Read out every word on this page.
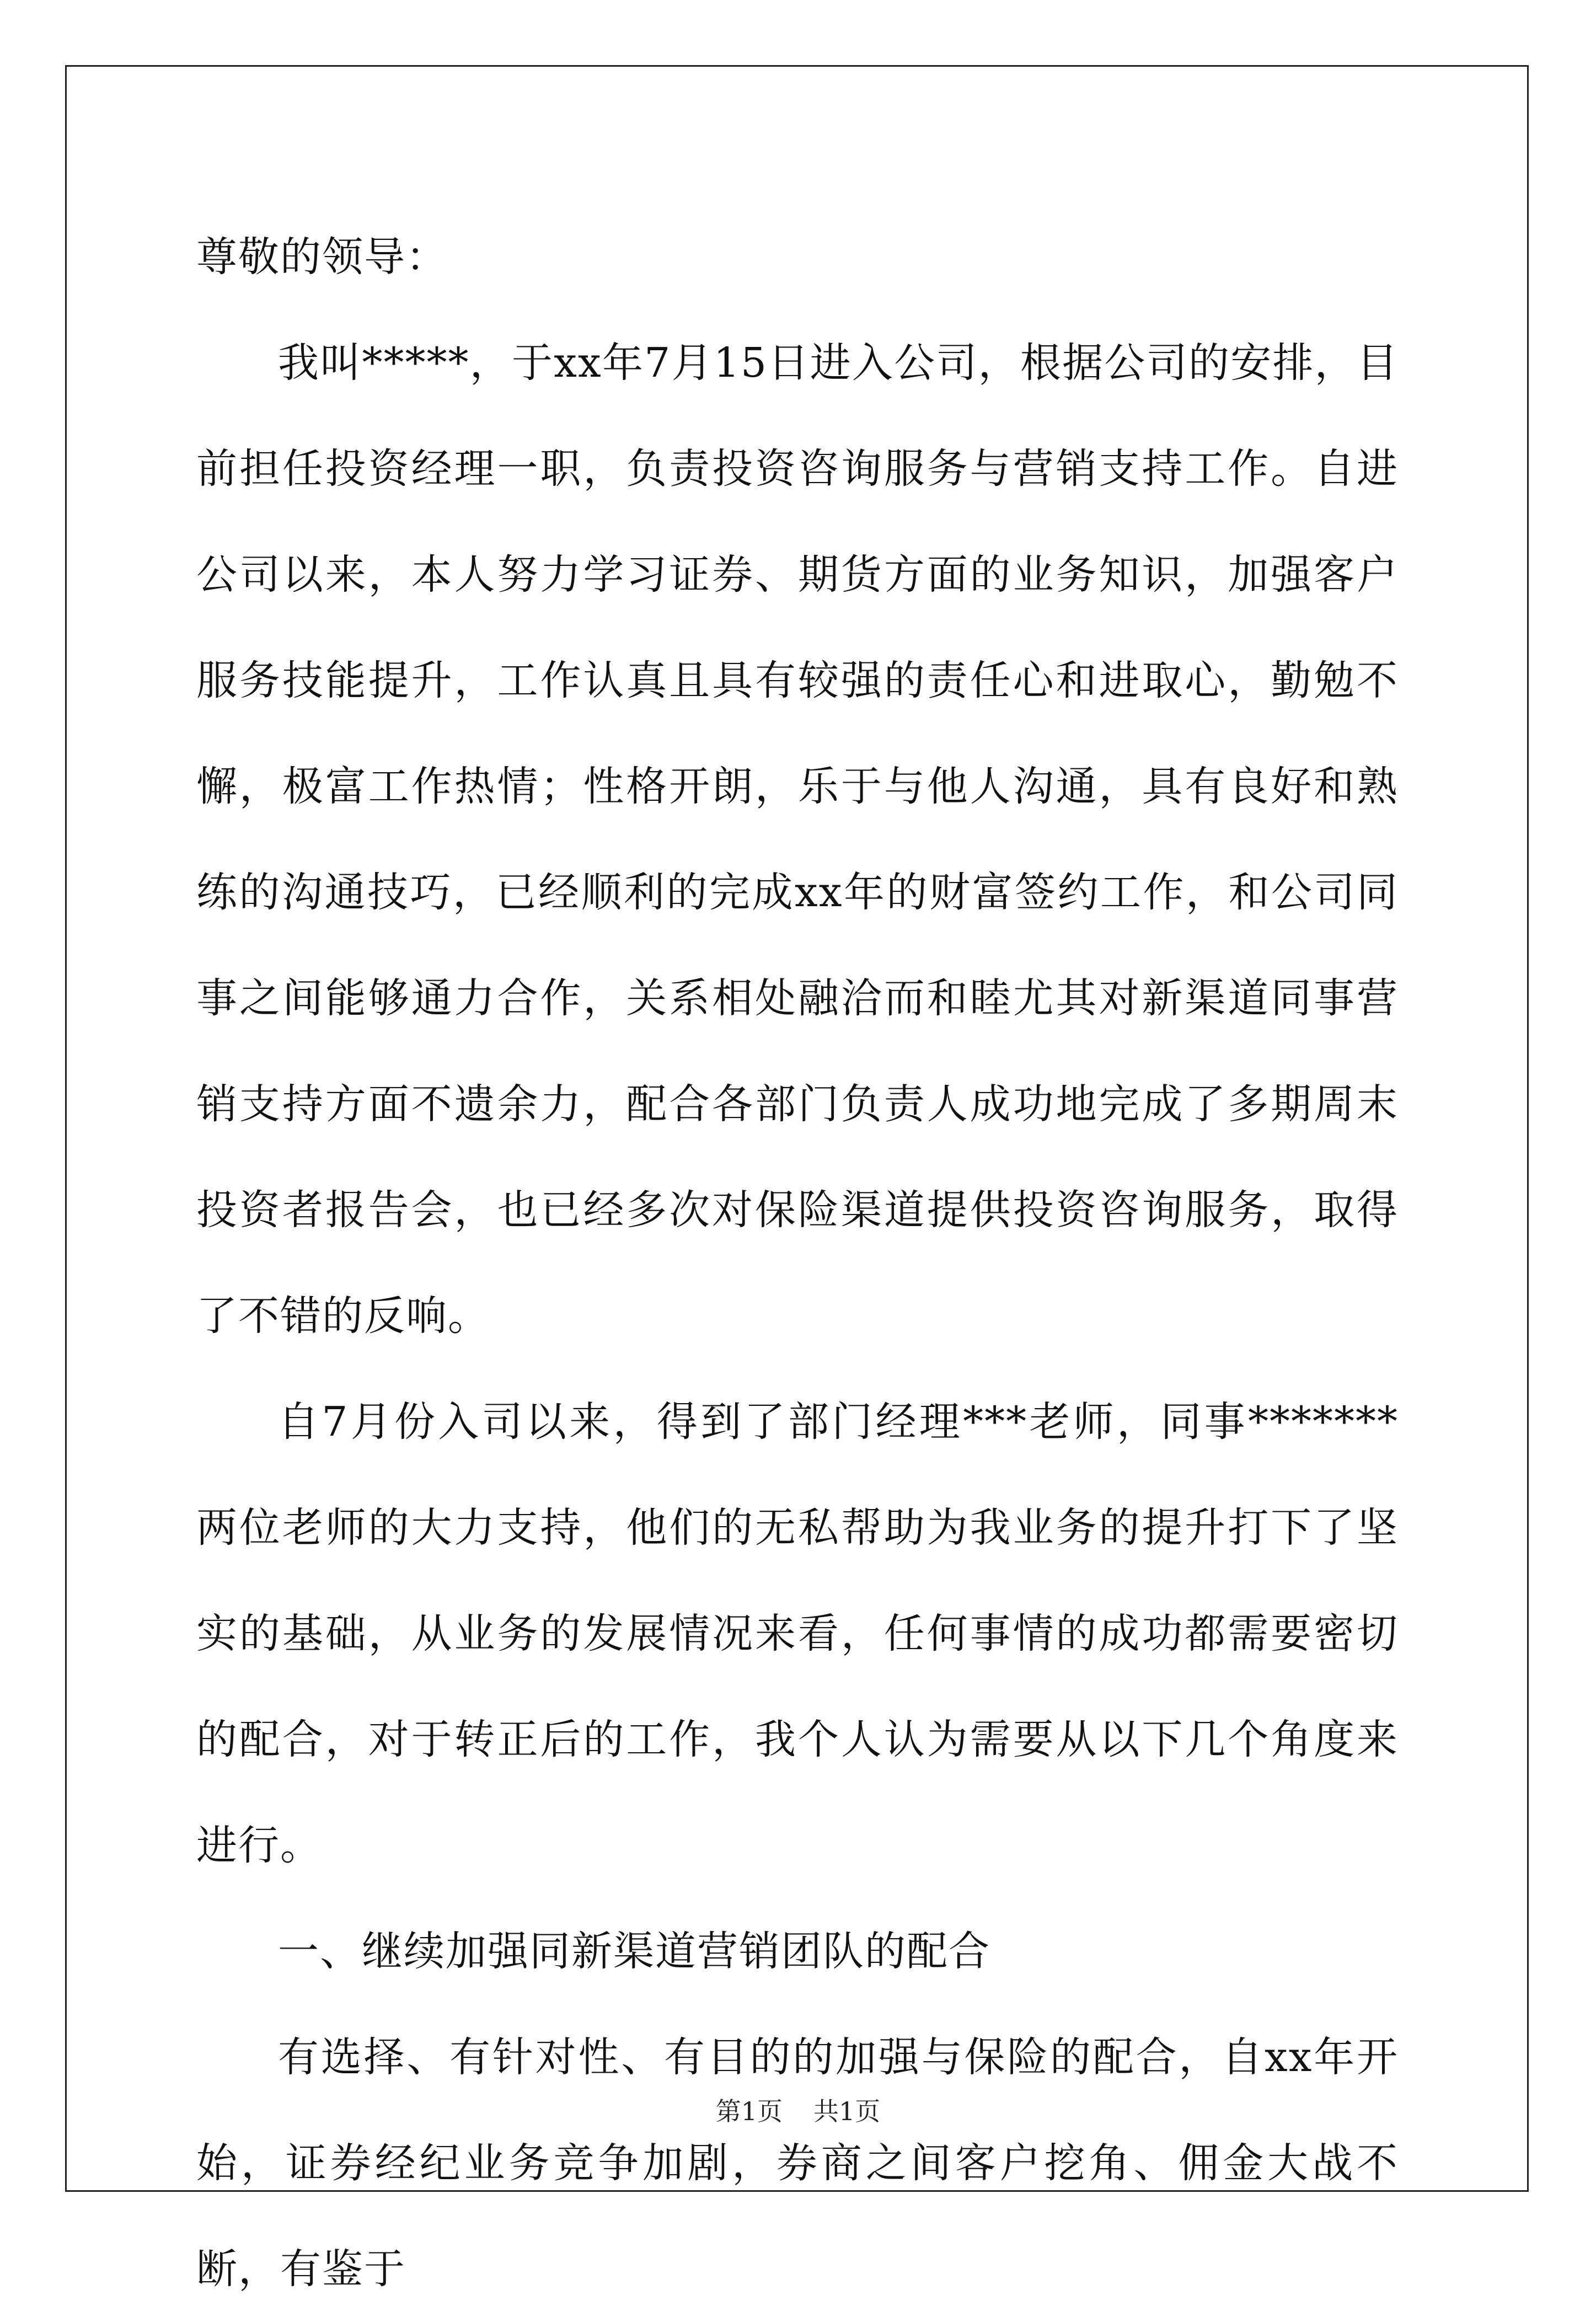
尊敬的领导：

我叫*****，于xx年7月15日进入公司，根据公司的安排，目前担任投资经理一职，负责投资咨询服务与营销支持工作。自进公司以来，本人努力学习证券、期货方面的业务知识，加强客户服务技能提升，工作认真且具有较强的责任心和进取心，勤勉不懈，极富工作热情；性格开朗，乐于与他人沟通，具有良好和熟练的沟通技巧，已经顺利的完成xx年的财富签约工作，和公司同事之间能够通力合作，关系相处融洽而和睦尤其对新渠道同事营销支持方面不遗余力，配合各部门负责人成功地完成了多期周末投资者报告会，也已经多次对保险渠道提供投资咨询服务，取得了不错的反响。

自7月份入司以来，得到了部门经理***老师，同事*******两位老师的大力支持，他们的无私帮助为我业务的提升打下了坚实的基础，从业务的发展情况来看，任何事情的成功都需要密切的配合，对于转正后的工作，我个人认为需要从以下几个角度来进行。

一、继续加强同新渠道营销团队的配合

有选择、有针对性、有目的的加强与保险的配合，自xx年开始，证券经纪业务竞争加剧，券商之间客户挖角、佣金大战不断，有鉴于

第1页 共1页
